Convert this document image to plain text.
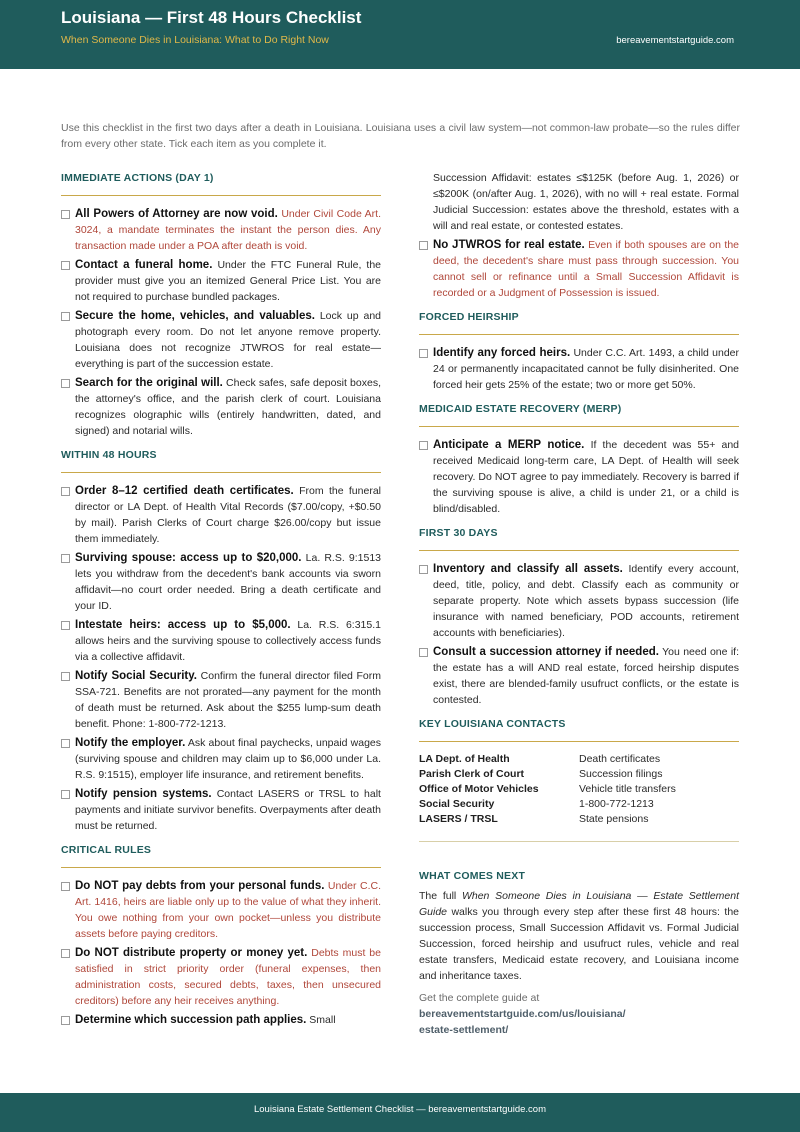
Louisiana — First 48 Hours Checklist
When Someone Dies in Louisiana: What to Do Right Now	bereavementstartguide.com
Use this checklist in the first two days after a death in Louisiana. Louisiana uses a civil law system—not common-law probate—so the rules differ from every other state. Tick each item as you complete it.
IMMEDIATE ACTIONS (DAY 1)
All Powers of Attorney are now void. Under Civil Code Art. 3024, a mandate terminates the instant the person dies. Any transaction made under a POA after death is void.
Contact a funeral home. Under the FTC Funeral Rule, the provider must give you an itemized General Price List. You are not required to purchase bundled packages.
Secure the home, vehicles, and valuables. Lock up and photograph every room. Do not let anyone remove property. Louisiana does not recognize JTWROS for real estate—everything is part of the succession estate.
Search for the original will. Check safes, safe deposit boxes, the attorney's office, and the parish clerk of court. Louisiana recognizes olographic wills (entirely handwritten, dated, and signed) and notarial wills.
WITHIN 48 HOURS
Order 8–12 certified death certificates. From the funeral director or LA Dept. of Health Vital Records ($7.00/copy, +$0.50 by mail). Parish Clerks of Court charge $26.00/copy but issue them immediately.
Surviving spouse: access up to $20,000. La. R.S. 9:1513 lets you withdraw from the decedent's bank accounts via sworn affidavit—no court order needed. Bring a death certificate and your ID.
Intestate heirs: access up to $5,000. La. R.S. 6:315.1 allows heirs and the surviving spouse to collectively access funds via a collective affidavit.
Notify Social Security. Confirm the funeral director filed Form SSA-721. Benefits are not prorated—any payment for the month of death must be returned. Ask about the $255 lump-sum death benefit. Phone: 1-800-772-1213.
Notify the employer. Ask about final paychecks, unpaid wages (surviving spouse and children may claim up to $6,000 under La. R.S. 9:1515), employer life insurance, and retirement benefits.
Notify pension systems. Contact LASERS or TRSL to halt payments and initiate survivor benefits. Overpayments after death must be returned.
CRITICAL RULES
Do NOT pay debts from your personal funds. Under C.C. Art. 1416, heirs are liable only up to the value of what they inherit. You owe nothing from your own pocket—unless you distribute assets before paying creditors.
Do NOT distribute property or money yet. Debts must be satisfied in strict priority order (funeral expenses, then administration costs, secured debts, taxes, then unsecured creditors) before any heir receives anything.
Determine which succession path applies. Small
Succession Affidavit: estates ≤$125K (before Aug. 1, 2026) or ≤$200K (on/after Aug. 1, 2026), with no will + real estate. Formal Judicial Succession: estates above the threshold, estates with a will and real estate, or contested estates.
No JTWROS for real estate. Even if both spouses are on the deed, the decedent's share must pass through succession. You cannot sell or refinance until a Small Succession Affidavit is recorded or a Judgment of Possession is issued.
FORCED HEIRSHIP
Identify any forced heirs. Under C.C. Art. 1493, a child under 24 or permanently incapacitated cannot be fully disinherited. One forced heir gets 25% of the estate; two or more get 50%.
MEDICAID ESTATE RECOVERY (MERP)
Anticipate a MERP notice. If the decedent was 55+ and received Medicaid long-term care, LA Dept. of Health will seek recovery. Do NOT agree to pay immediately. Recovery is barred if the surviving spouse is alive, a child is under 21, or a child is blind/disabled.
FIRST 30 DAYS
Inventory and classify all assets. Identify every account, deed, title, policy, and debt. Classify each as community or separate property. Note which assets bypass succession (life insurance with named beneficiary, POD accounts, retirement accounts with beneficiaries).
Consult a succession attorney if needed. You need one if: the estate has a will AND real estate, forced heirship disputes exist, there are blended-family usufruct conflicts, or the estate is contested.
KEY LOUISIANA CONTACTS
LA Dept. of Health	Death certificates
Parish Clerk of Court	Succession filings
Office of Motor Vehicles	Vehicle title transfers
Social Security	1-800-772-1213
LASERS / TRSL	State pensions
WHAT COMES NEXT
The full When Someone Dies in Louisiana — Estate Settlement Guide walks you through every step after these first 48 hours: the succession process, Small Succession Affidavit vs. Formal Judicial Succession, forced heirship and usufruct rules, vehicle and real estate transfers, Medicaid estate recovery, and Louisiana income and inheritance taxes.
Get the complete guide at
bereavementstartguide.com/us/louisiana/
estate-settlement/
Louisiana Estate Settlement Checklist — bereavementstartguide.com
